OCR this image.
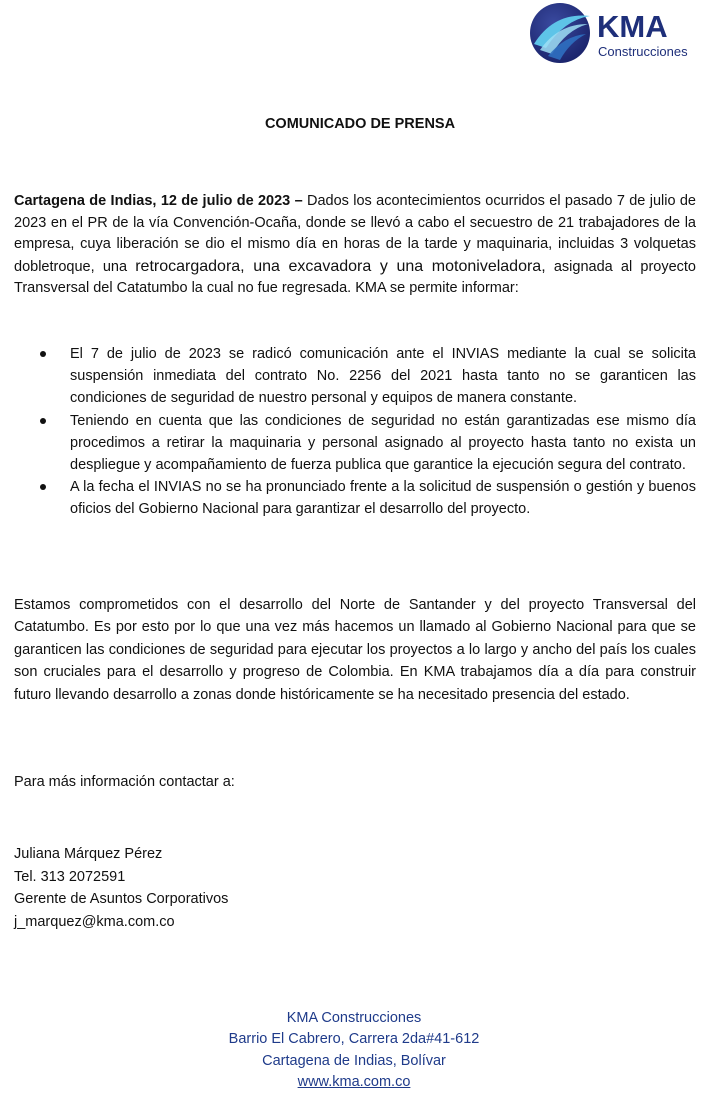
KMA
Construcciones
COMUNICADO DE PRENSA

Cartagena de Indias, 12 de julio de 2023 – Dados los acontecimientos ocurridos el pasado 7 de julio de 2023 en el PR de la vía Convención-Ocaña, donde se llevó a cabo el secuestro de 21 trabajadores de la empresa, cuya liberación se dio el mismo día en horas de la tarde y maquinaria, incluidas 3 volquetas dobletroque, una retrocargadora, una excavadora y una motoniveladora, asignada al proyecto Transversal del Catatumbo la cual no fue regresada. KMA se permite informar:

El 7 de julio de 2023 se radicó comunicación ante el INVIAS mediante la cual se solicita suspensión inmediata del contrato No. 2256 del 2021 hasta tanto no se garanticen las condiciones de seguridad de nuestro personal y equipos de manera constante.
Teniendo en cuenta que las condiciones de seguridad no están garantizadas ese mismo día procedimos a retirar la maquinaria y personal asignado al proyecto hasta tanto no exista un despliegue y acompañamiento de fuerza publica que garantice la ejecución segura del contrato.
A la fecha el INVIAS no se ha pronunciado frente a la solicitud de suspensión o gestión y buenos oficios del Gobierno Nacional para garantizar el desarrollo del proyecto.

Estamos comprometidos con el desarrollo del Norte de Santander y del proyecto Transversal del Catatumbo. Es por esto por lo que una vez más hacemos un llamado al Gobierno Nacional para que se garanticen las condiciones de seguridad para ejecutar los proyectos a lo largo y ancho del país los cuales son cruciales para el desarrollo y progreso de Colombia. En KMA trabajamos día a día para construir futuro llevando desarrollo a zonas donde históricamente se ha necesitado presencia del estado.

Para más información contactar a:
Juliana Márquez Pérez
Tel. 313 2072591
Gerente de Asuntos Corporativos
j_marquez@kma.com.co
KMA Construcciones
Barrio El Cabrero, Carrera 2da#41-612
Cartagena de Indias, Bolívar
www.kma.com.co
